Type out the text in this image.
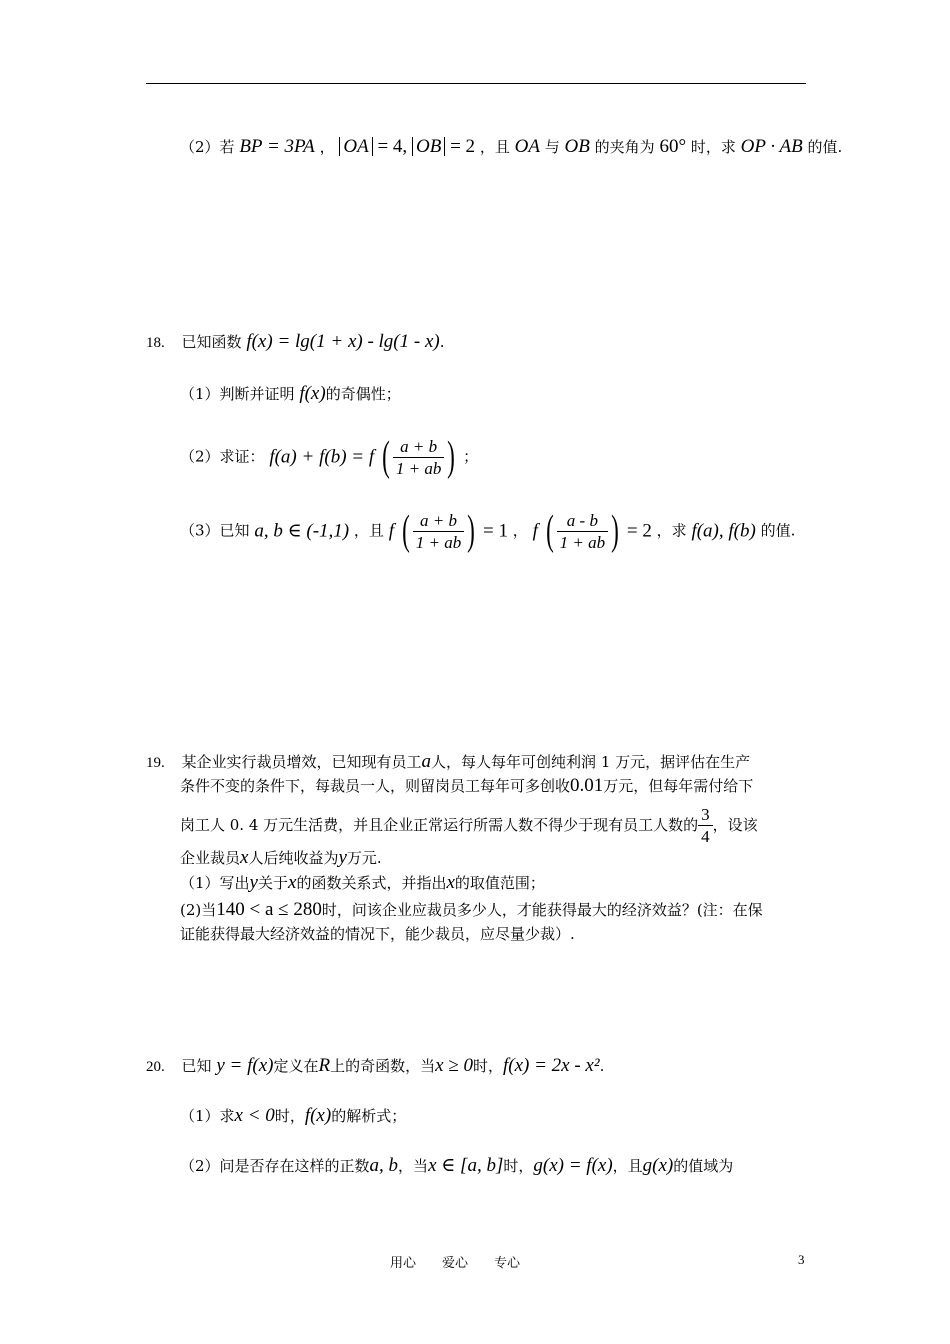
（2）若 BP = 3PA ， OA = 4, OB = 2 ，且 OA 与 OB 的夹角为 60° 时，求 OP · AB 的值.
18. 已知函数 f(x) = lg(1 + x) - lg(1 - x).
（1）判断并证明 f(x)的奇偶性；
（2）求证： f(a) + f(b) = f ( $\frac{a + b}{1 + ab}$ ) ；
（3）已知 a, b ∈ (-1,1) ，且 f ( $\frac{a + b}{1 + ab}$ ) = 1 ， f ( $\frac{a - b}{1 + ab}$ ) = 2 ，求 f(a), f(b) 的值.
19. 某企业实行裁员增效，已知现有员工a人，每人每年可创纯利润 1 万元，据评估在生产
条件不变的条件下，每裁员一人，则留岗员工每年可多创收0.01万元，但每年需付给下
岗工人 0. 4 万元生活费，并且企业正常运行所需人数不得少于现有员工人数的 $\frac{3}{4}$ ，设该
企业裁员x人后纯收益为y万元.
（1）写出y关于x的函数关系式，并指出x的取值范围；
(2)当140 < a ≤ 280时，问该企业应裁员多少人，才能获得最大的经济效益？(注：在保
证能获得最大经济效益的情况下，能少裁员，应尽量少裁）.
20. 已知 y = f(x)定义在R上的奇函数，当x ≥ 0时，f(x) = 2x - x².
（1）求x < 0时，f(x)的解析式；
（2）问是否存在这样的正数a, b，当x ∈ [a, b]时，g(x) = f(x)，且g(x)的值域为
用心　　爱心　　专心	3
